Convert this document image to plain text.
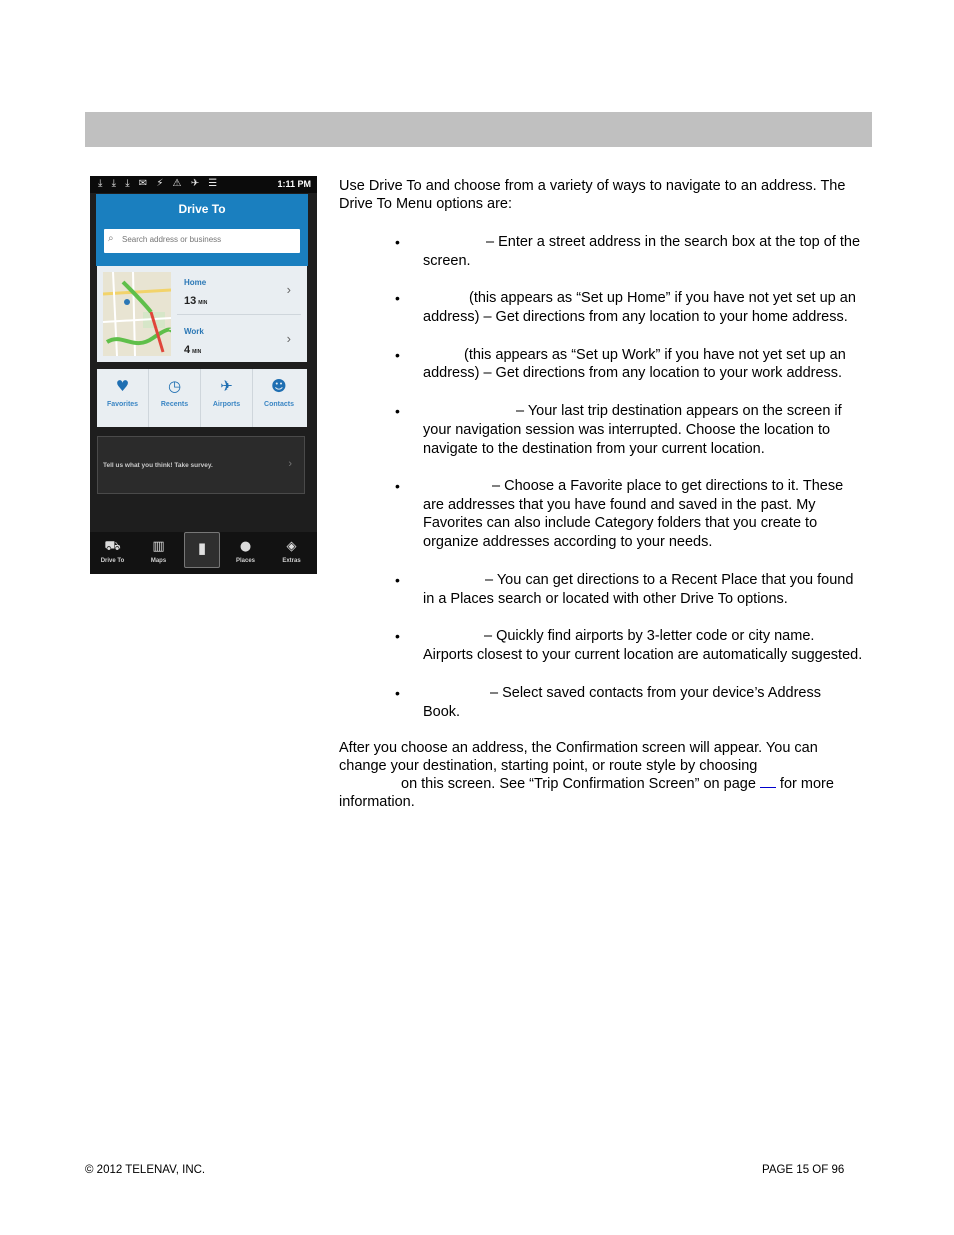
⤓ ⤓ ⤓ ✉ ⚡ ⚠ ✈ ☰	1:11 PM
Drive To
⌕
Search address or business
Home
13 MIN
›
Work
4 MIN
›
♥
Favorites
◷
Recents
✈
Airports
☻
Contacts
Tell us what you think! Take survey.	›
⛟
Drive To
▥
Maps
●
Places
◈
Extras
▮
Use Drive To and choose from a variety of ways to navigate to an address. The
Drive To Menu options are:
•	– Enter a street address in the search box at the top of the
screen.
•	(this appears as “Set up Home” if you have not yet set up an
address) – Get directions from any location to your home address.
•	(this appears as “Set up Work” if you have not yet set up an
address) – Get directions from any location to your work address.
•	– Your last trip destination appears on the screen if
your navigation session was interrupted. Choose the location to
navigate to the destination from your current location.
•	– Choose a Favorite place to get directions to it. These
are addresses that you have found and saved in the past. My
Favorites can also include Category folders that you create to
organize addresses according to your needs.
•	– You can get directions to a Recent Place that you found
in a Places search or located with other Drive To options.
•	– Quickly find airports by 3-letter code or city name.
Airports closest to your current location are automatically suggested.
•	– Select saved contacts from your device’s Address
Book.
After you choose an address, the Confirmation screen will appear. You can
change your destination, starting point, or route style by choosing
on this screen. See “Trip Confirmation Screen” on page for more
information.
© 2012 TELENAV, INC.	PAGE 15 OF 96
